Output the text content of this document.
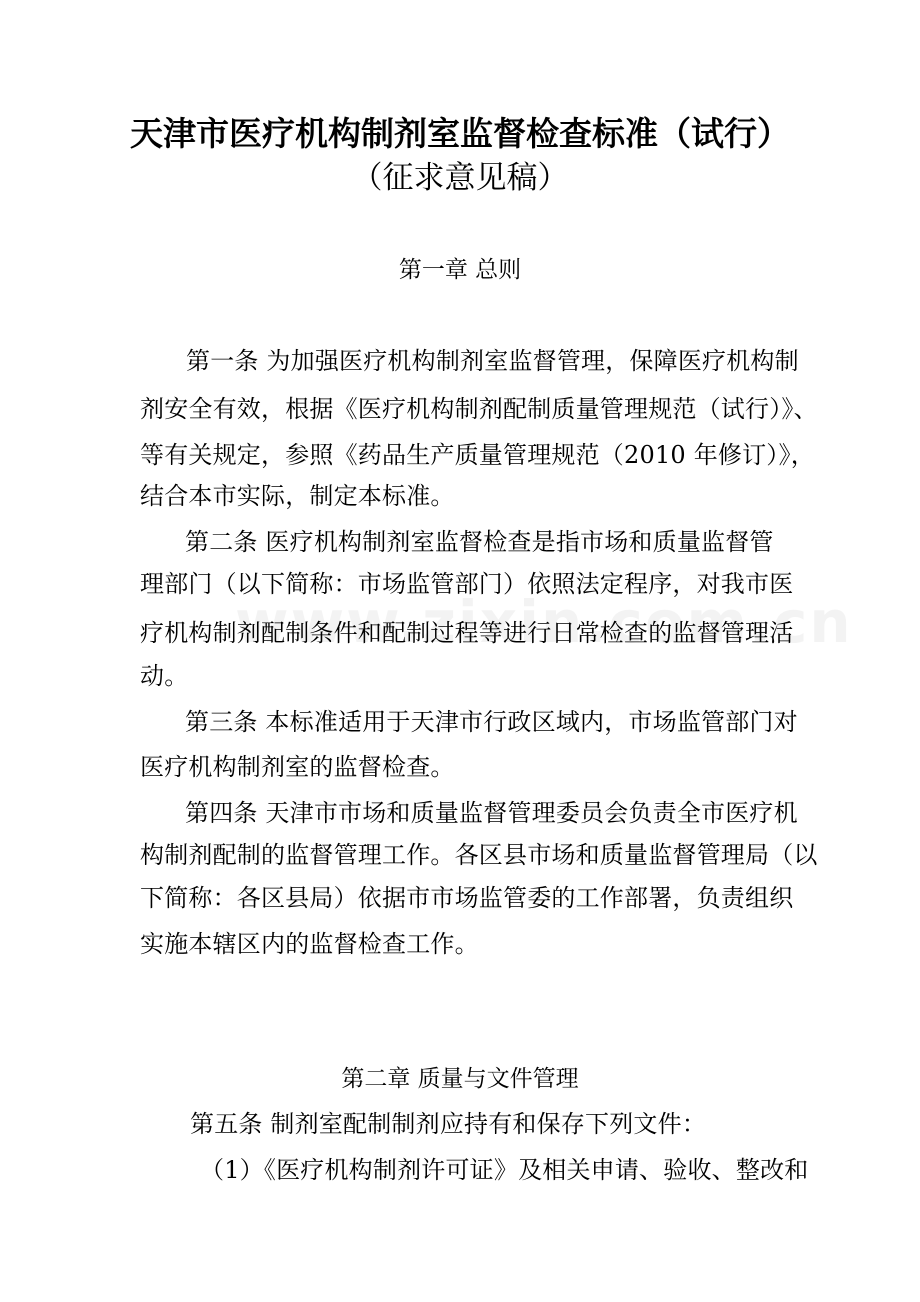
天津市医疗机构制剂室监督检查标准（试行）
（征求意见稿）
第一章 总则
第一条 为加强医疗机构制剂室监督管理，保障医疗机构制
剂安全有效，根据《医疗机构制剂配制质量管理规范（试行）》、
等有关规定，参照《药品生产质量管理规范（2010 年修订）》，
结合本市实际，制定本标准。
第二条 医疗机构制剂室监督检查是指市场和质量监督管
理部门（以下简称：市场监管部门）依照法定程序，对我市医
疗机构制剂配制条件和配制过程等进行日常检查的监督管理活
动。
第三条 本标准适用于天津市行政区域内，市场监管部门对
医疗机构制剂室的监督检查。
第四条 天津市市场和质量监督管理委员会负责全市医疗机
构制剂配制的监督管理工作。各区县市场和质量监督管理局（以
下简称：各区县局）依据市市场监管委的工作部署，负责组织
实施本辖区内的监督检查工作。
第二章 质量与文件管理
第五条 制剂室配制制剂应持有和保存下列文件：
（1）《医疗机构制剂许可证》及相关申请、验收、整改和
